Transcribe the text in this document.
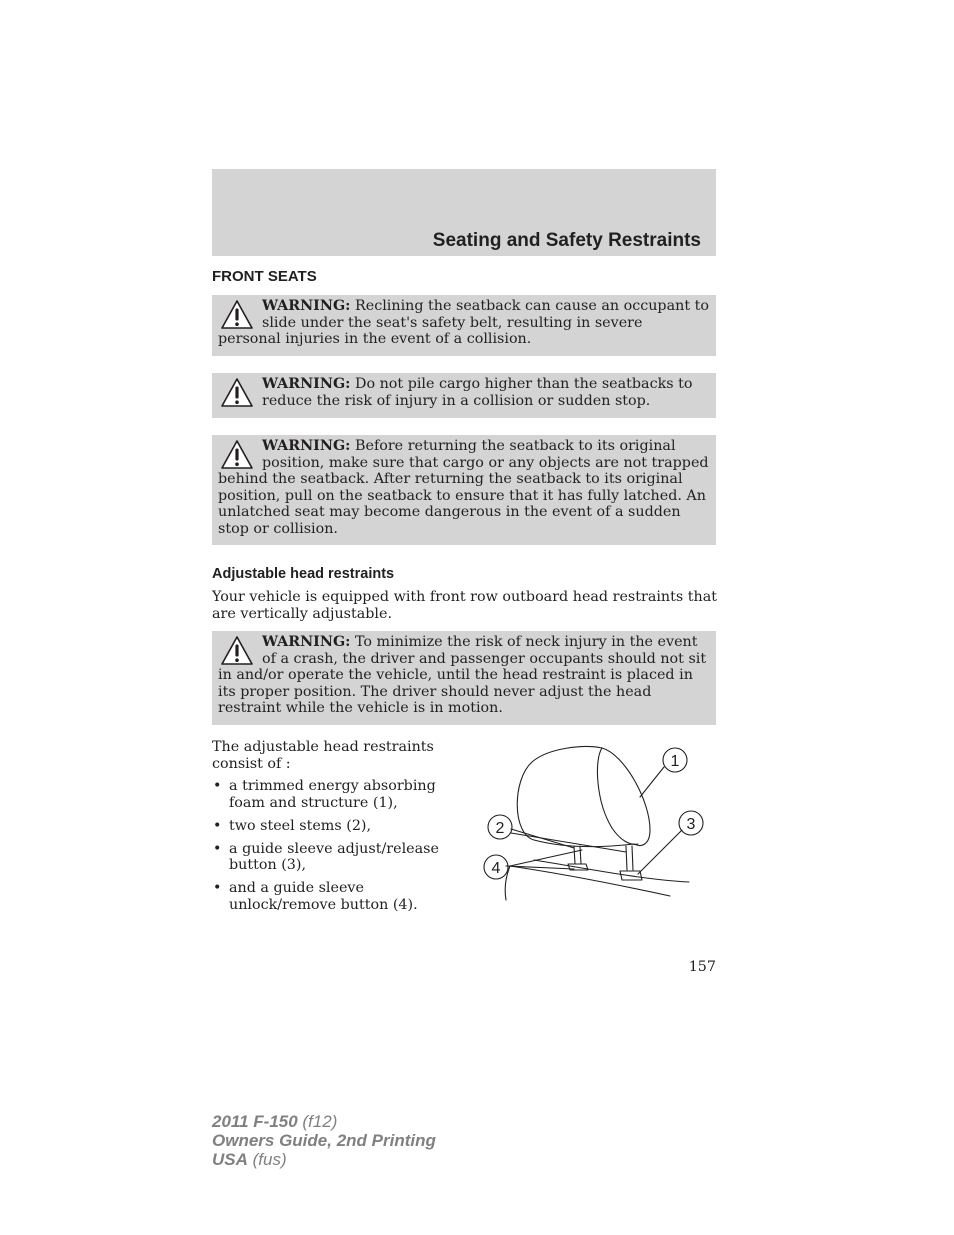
Seating and Safety Restraints
FRONT SEATS
WARNING: Reclining the seatback can cause an occupant to slide under the seat's safety belt, resulting in severe personal injuries in the event of a collision.
WARNING: Do not pile cargo higher than the seatbacks to reduce the risk of injury in a collision or sudden stop.
WARNING: Before returning the seatback to its original position, make sure that cargo or any objects are not trapped behind the seatback. After returning the seatback to its original position, pull on the seatback to ensure that it has fully latched. An unlatched seat may become dangerous in the event of a sudden stop or collision.
Adjustable head restraints
Your vehicle is equipped with front row outboard head restraints that are vertically adjustable.
WARNING: To minimize the risk of neck injury in the event of a crash, the driver and passenger occupants should not sit in and/or operate the vehicle, until the head restraint is placed in its proper position. The driver should never adjust the head restraint while the vehicle is in motion.
The adjustable head restraints consist of :
• a trimmed energy absorbing foam and structure (1),
• two steel stems (2),
• a guide sleeve adjust/release button (3),
• and a guide sleeve unlock/remove button (4).
1
2	3
4
157
2011 F-150 (f12)
Owners Guide, 2nd Printing
USA (fus)
